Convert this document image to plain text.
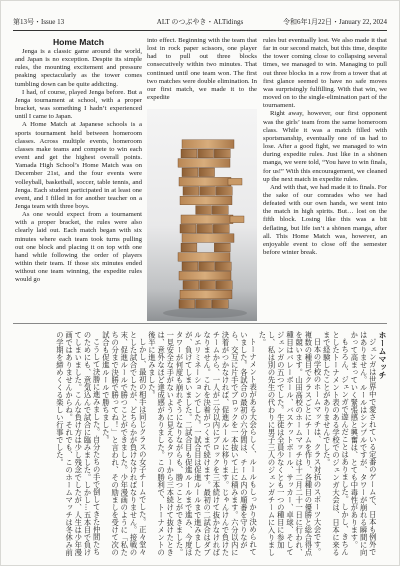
第13号・Issue 13	ALT のつぶやき・ALTidings	令和6年1月22日・January 22, 2024
Home Match

Jenga is a classic game around the world, and Japan is no exception. Despite its simple rules, the mounting excitement and pressure peaking spectacularly as the tower comes tumbling down can be quite addicting.

I had, of course, played Jenga before. But a Jenga tournament at school, with a proper bracket, was something I hadn’t experienced until I came to Japan.

A Home Match at Japanese schools is a sports tournament held between homeroom classes. Across multiple events, homeroom classes make teams and compete to win each event and get the highest overall points. Yamada High School’s Home Match was on December 21st, and the four events were volleyball, basketball, soccer, table tennis, and Jenga. Each student participated in at least one event, and I filled in for another teacher on a Jenga team with three boys.

As one would expect from a tournament with a proper bracket, the rules were also clearly laid out. Each match began with six minutes where each team took turns pulling out one block and placing it on top with one hand while following the order of players within their team. If those six minutes ended without one team winning, the expedite rules would go

into effect. Beginning with the team that lost in rock paper scissors, one player had to pull out three blocks consecutively within two minutes. That continued until one team won. The first two matches were double elimination. In our first match, we made it to the expedite

rules but eventually lost. We also made it that far in our second match, but this time, despite the tower coming close to collapsing several times, we managed to win. Managing to pull out three blocks in a row from a tower that at first glance seemed to have no safe moves was surprisingly fulfilling. With that win, we moved on to the single-elimination part of the tournament.

Right away, however, our first opponent was the girls’ team from the same homeroom class. While it was a match filled with sportsmanship, eventually one of us had to lose. After a good fight, we managed to win during expedite rules. Just like in a shōnen manga, we were told, “You have to win finals, for us!” With this encouragement, we cleaned up the next match in expedite rules.

And with that, we had made it to finals. For the sake of our comrades who we had defeated with our own hands, we went into the match in high spirits. But… lost on the fifth block. Losing like this was a bit deflating, but life isn’t a shōnen manga, after all. This Home Match was, however, an enjoyable event to close off the semester before winter break.

ホームマッチ

ジェンガは世界中で愛されている定番のゲームで、日本も例外ではありません。ルールはシンプルですが、タワーが崩れる瞬間に向かって高まっていく緊張感と興奮は、とても中毒性があります。

もちろん、ジェンガで遊んだことはありました。しかし、きちんとしたトーナメント表のある学校でのジェンガ大会は、日本に来るまで経験したことがありませんでした。

日本の学校のホームマッチは、クラス対抗のスポーツ大会です。複数の種目でクラスごとにチームを作り、各種目の優勝と総合得点を競います。山田高校のホームマッチは十二月二十一日に行われ、種目はバレーボール、バスケットボール、サッカー、卓球、そしてジェンガの五つでした。生徒は全員少なくとも一つの種目に参加し、私は別の先生の代わりに男子三人のジェンガチームに入りました。

トーナメント表がある大会らしく、ルールもしっかり決められていました。各試合の最初の六分間は、チーム内の順番を守りながら、交互に片手でブロックを一本抜いて上に積みます。六分以内に決着がつかなければ、促進ルールに移ります。じゃんけんで負けたチームから、一人が二分以内にブロックを三本続けて抜かなければなりません。これを決着がつくまで続けます。最初の二試合はダブルエリミネーションでした。一試合目は促進ルールまで進みましたが、負けてしまいました。二試合目も促進ルールまで進み、今度はタワーが何度も崩れそうになりながらも、勝つことができました。一見安全な手がないように見えるタワーから三本続けて抜けたときは、意外なほど達成感がありました。この勝利で、トーナメントの後半に進みました。

しかし、最初の相手は同じクラスの女子チームでした。正々堂々とした試合でしたが、どちらかが負けなければなりません。接戦の末、促進ルールで勝つことができました。少年漫画のように「私たちの分まで決勝で勝ってね！」と言われ、その励ましを受けて次の試合も促進ルールで勝ちました。

こうして決勝に進みました。自分たちの手で倒してきた仲間たちのためにも、意気込んで試合に臨みました。しかし…五本目で負けてしまいました。こんな負け方は少し残念でしたが、人生は少年漫画ではありませんからね。それでも、このホームマッチは冬休み前の学期を締めくくる楽しい行事でした。
